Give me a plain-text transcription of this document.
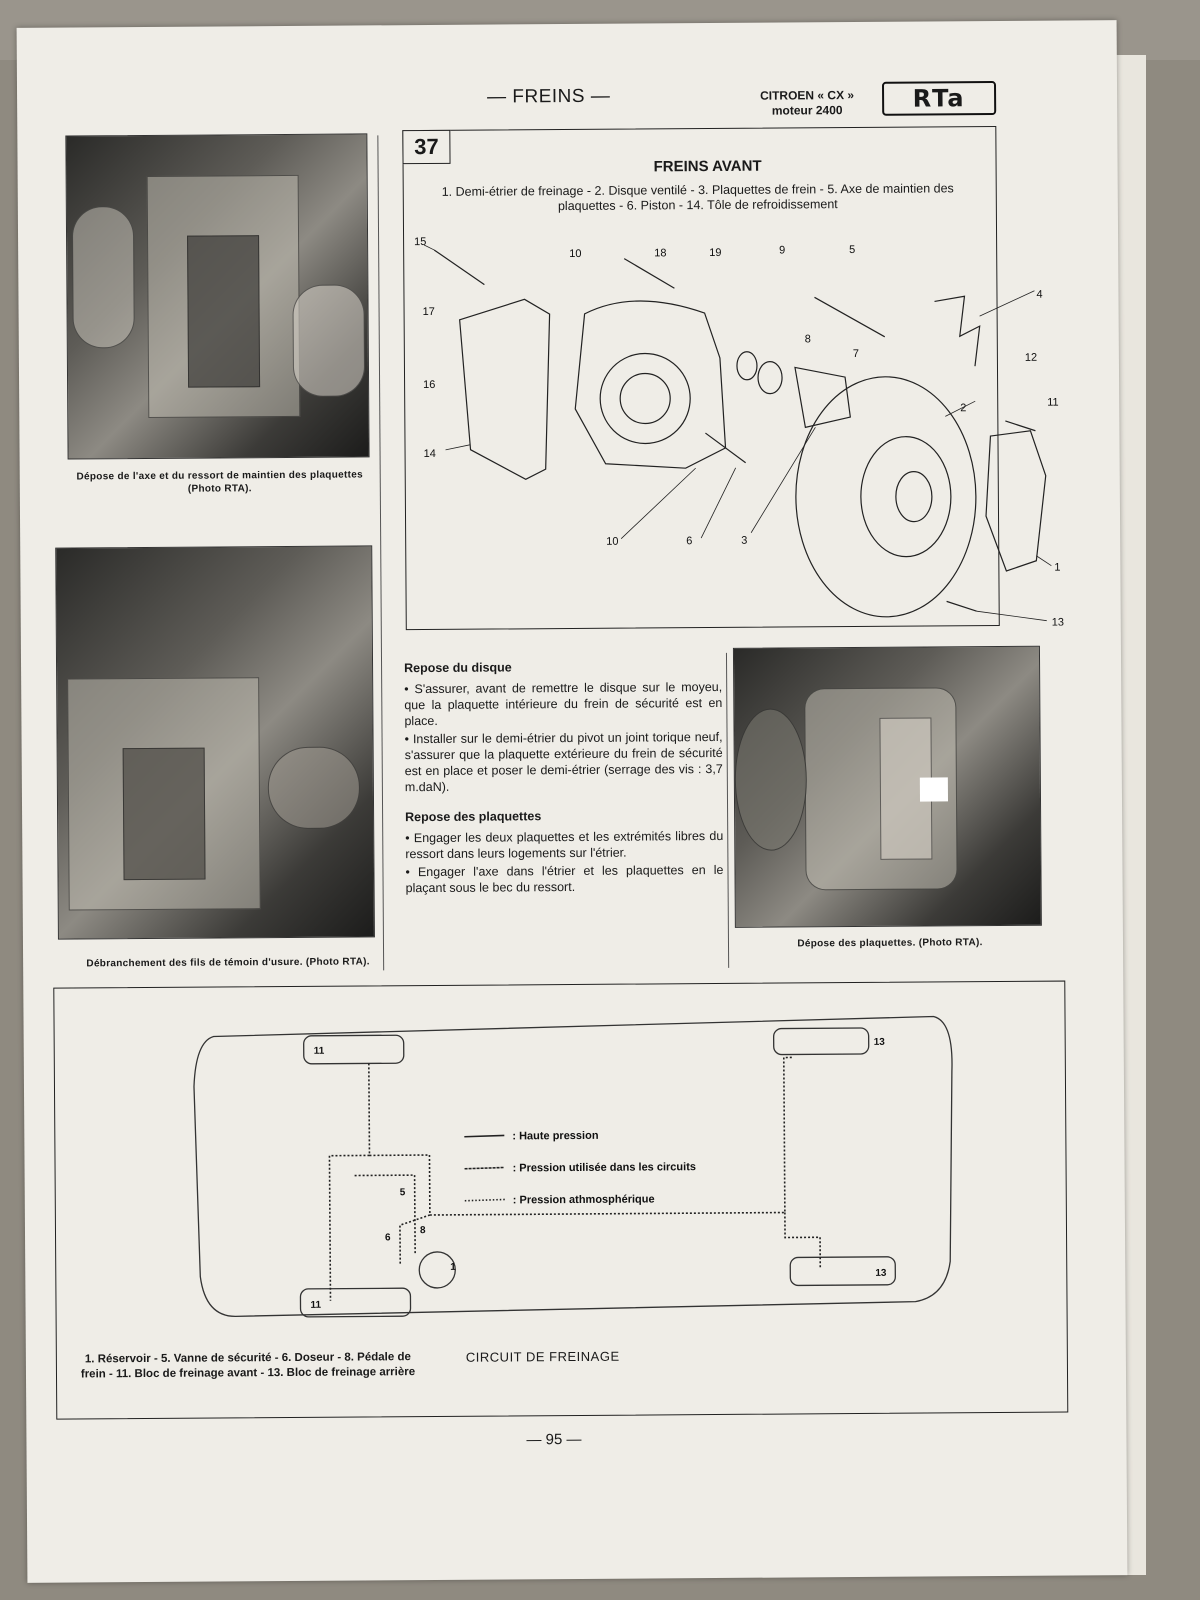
— FREINS —	CITROEN « CX »
moteur 2400	RTa
Dépose de l'axe et du ressort de maintien des plaquettes (Photo RTA).
Débranchement des fils de témoin d'usure. (Photo RTA).
37
FREINS AVANT
1. Demi-étrier de freinage - 2. Disque ventilé - 3. Plaquettes de frein - 5. Axe de maintien des plaquettes - 6. Piston - 14. Tôle de refroidissement
15
10	18	19	9	5
4
17
8
7	12
11
16
2
14
1
10	6	3
13
Repose du disque

• S'assurer, avant de remettre le disque sur le moyeu, que la plaquette intérieure du frein de sécurité est en place.

• Installer sur le demi-étrier du pivot un joint torique neuf, s'assurer que la plaquette extérieure du frein de sécurité est en place et poser le demi-étrier (serrage des vis : 3,7 m.daN).

Repose des plaquettes

• Engager les deux plaquettes et les extrémités libres du ressort dans leurs logements sur l'étrier.

• Engager l'axe dans l'étrier et les plaquettes en le plaçant sous le bec du ressort.

Dépose des plaquettes. (Photo RTA).
11
13
5
8
6
1
11
13
: Haute pression
: Pression utilisée dans les circuits
: Pression athmosphérique
1. Réservoir - 5. Vanne de sécurité - 6. Doseur - 8. Pédale de frein - 11. Bloc de freinage avant - 13. Bloc de freinage arrière
CIRCUIT DE FREINAGE
— 95 —
